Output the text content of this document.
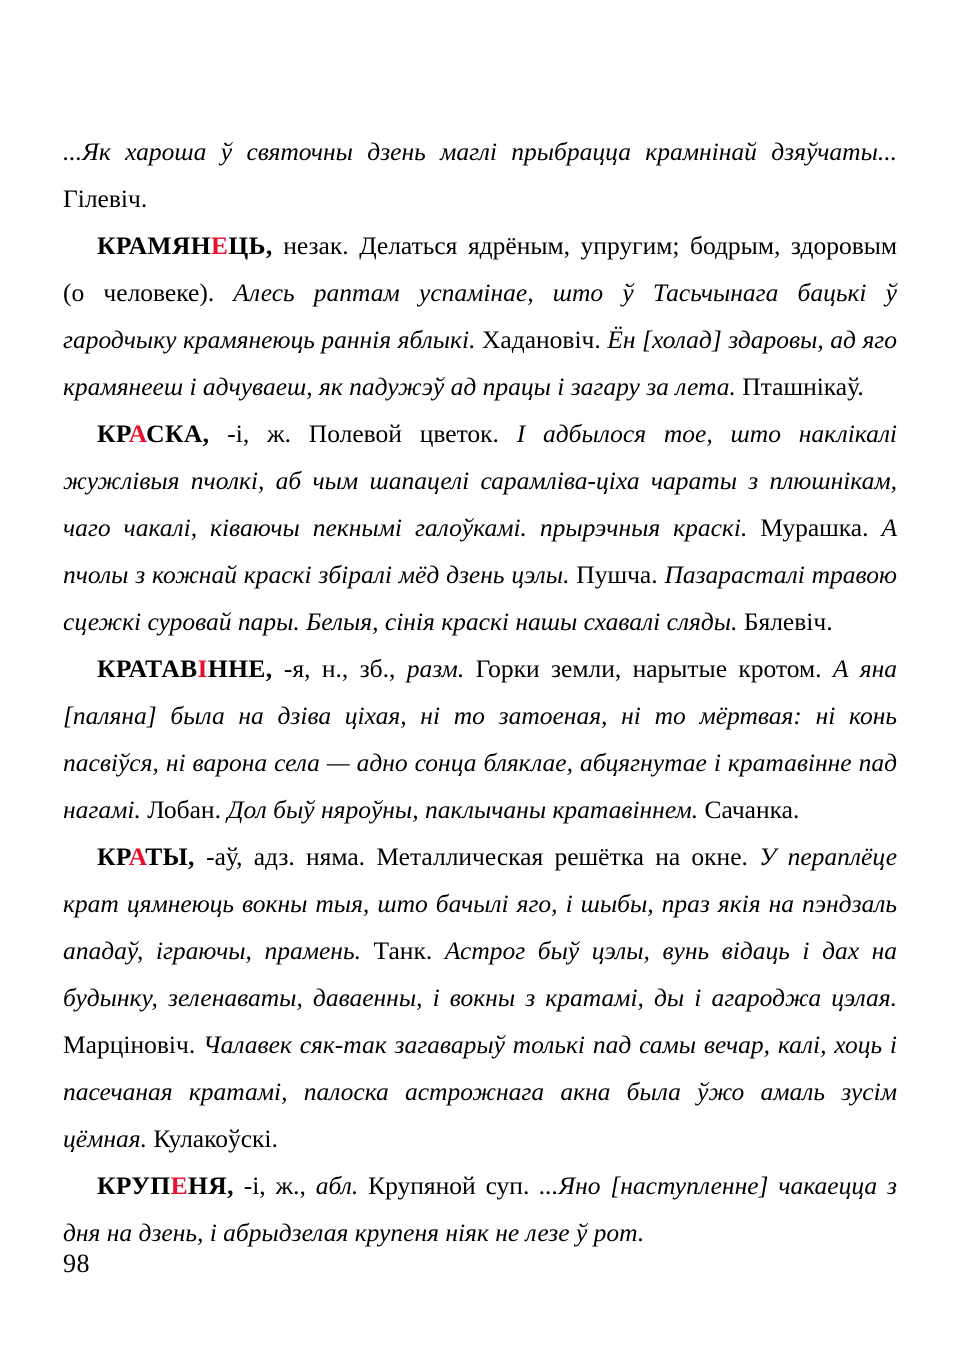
...Як хароша ў святочны дзень маглі прыбрацца крамнінай дзяўчаты... Гілевіч.

КРАМЯНЕЦЬ, незак. Делаться ядрёным, упругим; бодрым, здоровым (о человеке). Алесь раптам успамінае, што ў Тасьчынага бацькі ў гародчыку крамянеюць раннія яблыкі. Хадановіч. Ён [холад] здаровы, ад яго крамянееш і адчуваеш, як падужэў ад працы і загару за лета. Пташнікаў.

КРАСКА, -і, ж. Полевой цветок. І адбылося тое, што наклікалі жужлівыя пчолкі, аб чым шапацелі сарамліва-ціха чараты з плюшнікам, чаго чакалі, ківаючы пекнымі галоўкамі. прырэчныя краскі. Мурашка. А пчолы з кожнай краскі збіралі мёд дзень цэлы. Пушча. Пазарасталі травою сцежкі суровай пары. Белыя, сінія краскі нашы схавалі сляды. Бялевіч.

КРАТАВІННЕ, -я, н., зб., разм. Горки земли, нарытые кротом. А яна [паляна] была на дзіва ціхая, ні то затоеная, ні то мёртвая: ні конь пасвіўся, ні варона села — адно сонца бляклае, абцягнутае і кратавінне пад нагамі. Лобан. Дол быў няроўны, паклычаны кратавіннем. Сачанка.

КРАТЫ, -аў, адз. няма. Металлическая решётка на окне. У пераплёце крат цямнеюць вокны тыя, што бачылі яго, і шыбы, праз якія на пэндзаль ападаў, іграючы, прамень. Танк. Астрог быў цэлы, вунь відаць і дах на будынку, зеленаваты, даваенны, і вокны з кратамі, ды і агароджа цэлая. Марціновіч. Чалавек сяк-так загаварыў толькі пад самы вечар, калі, хоць і пасечаная кратамі, палоска астрожнага акна была ўжо амаль зусім цёмная. Кулакоўскі.

КРУПЕНЯ, -і, ж., абл. Крупяной суп. ...Яно [наступленне] чакаецца з дня на дзень, і абрыдзелая крупеня ніяк не лезе ў рот.

98
